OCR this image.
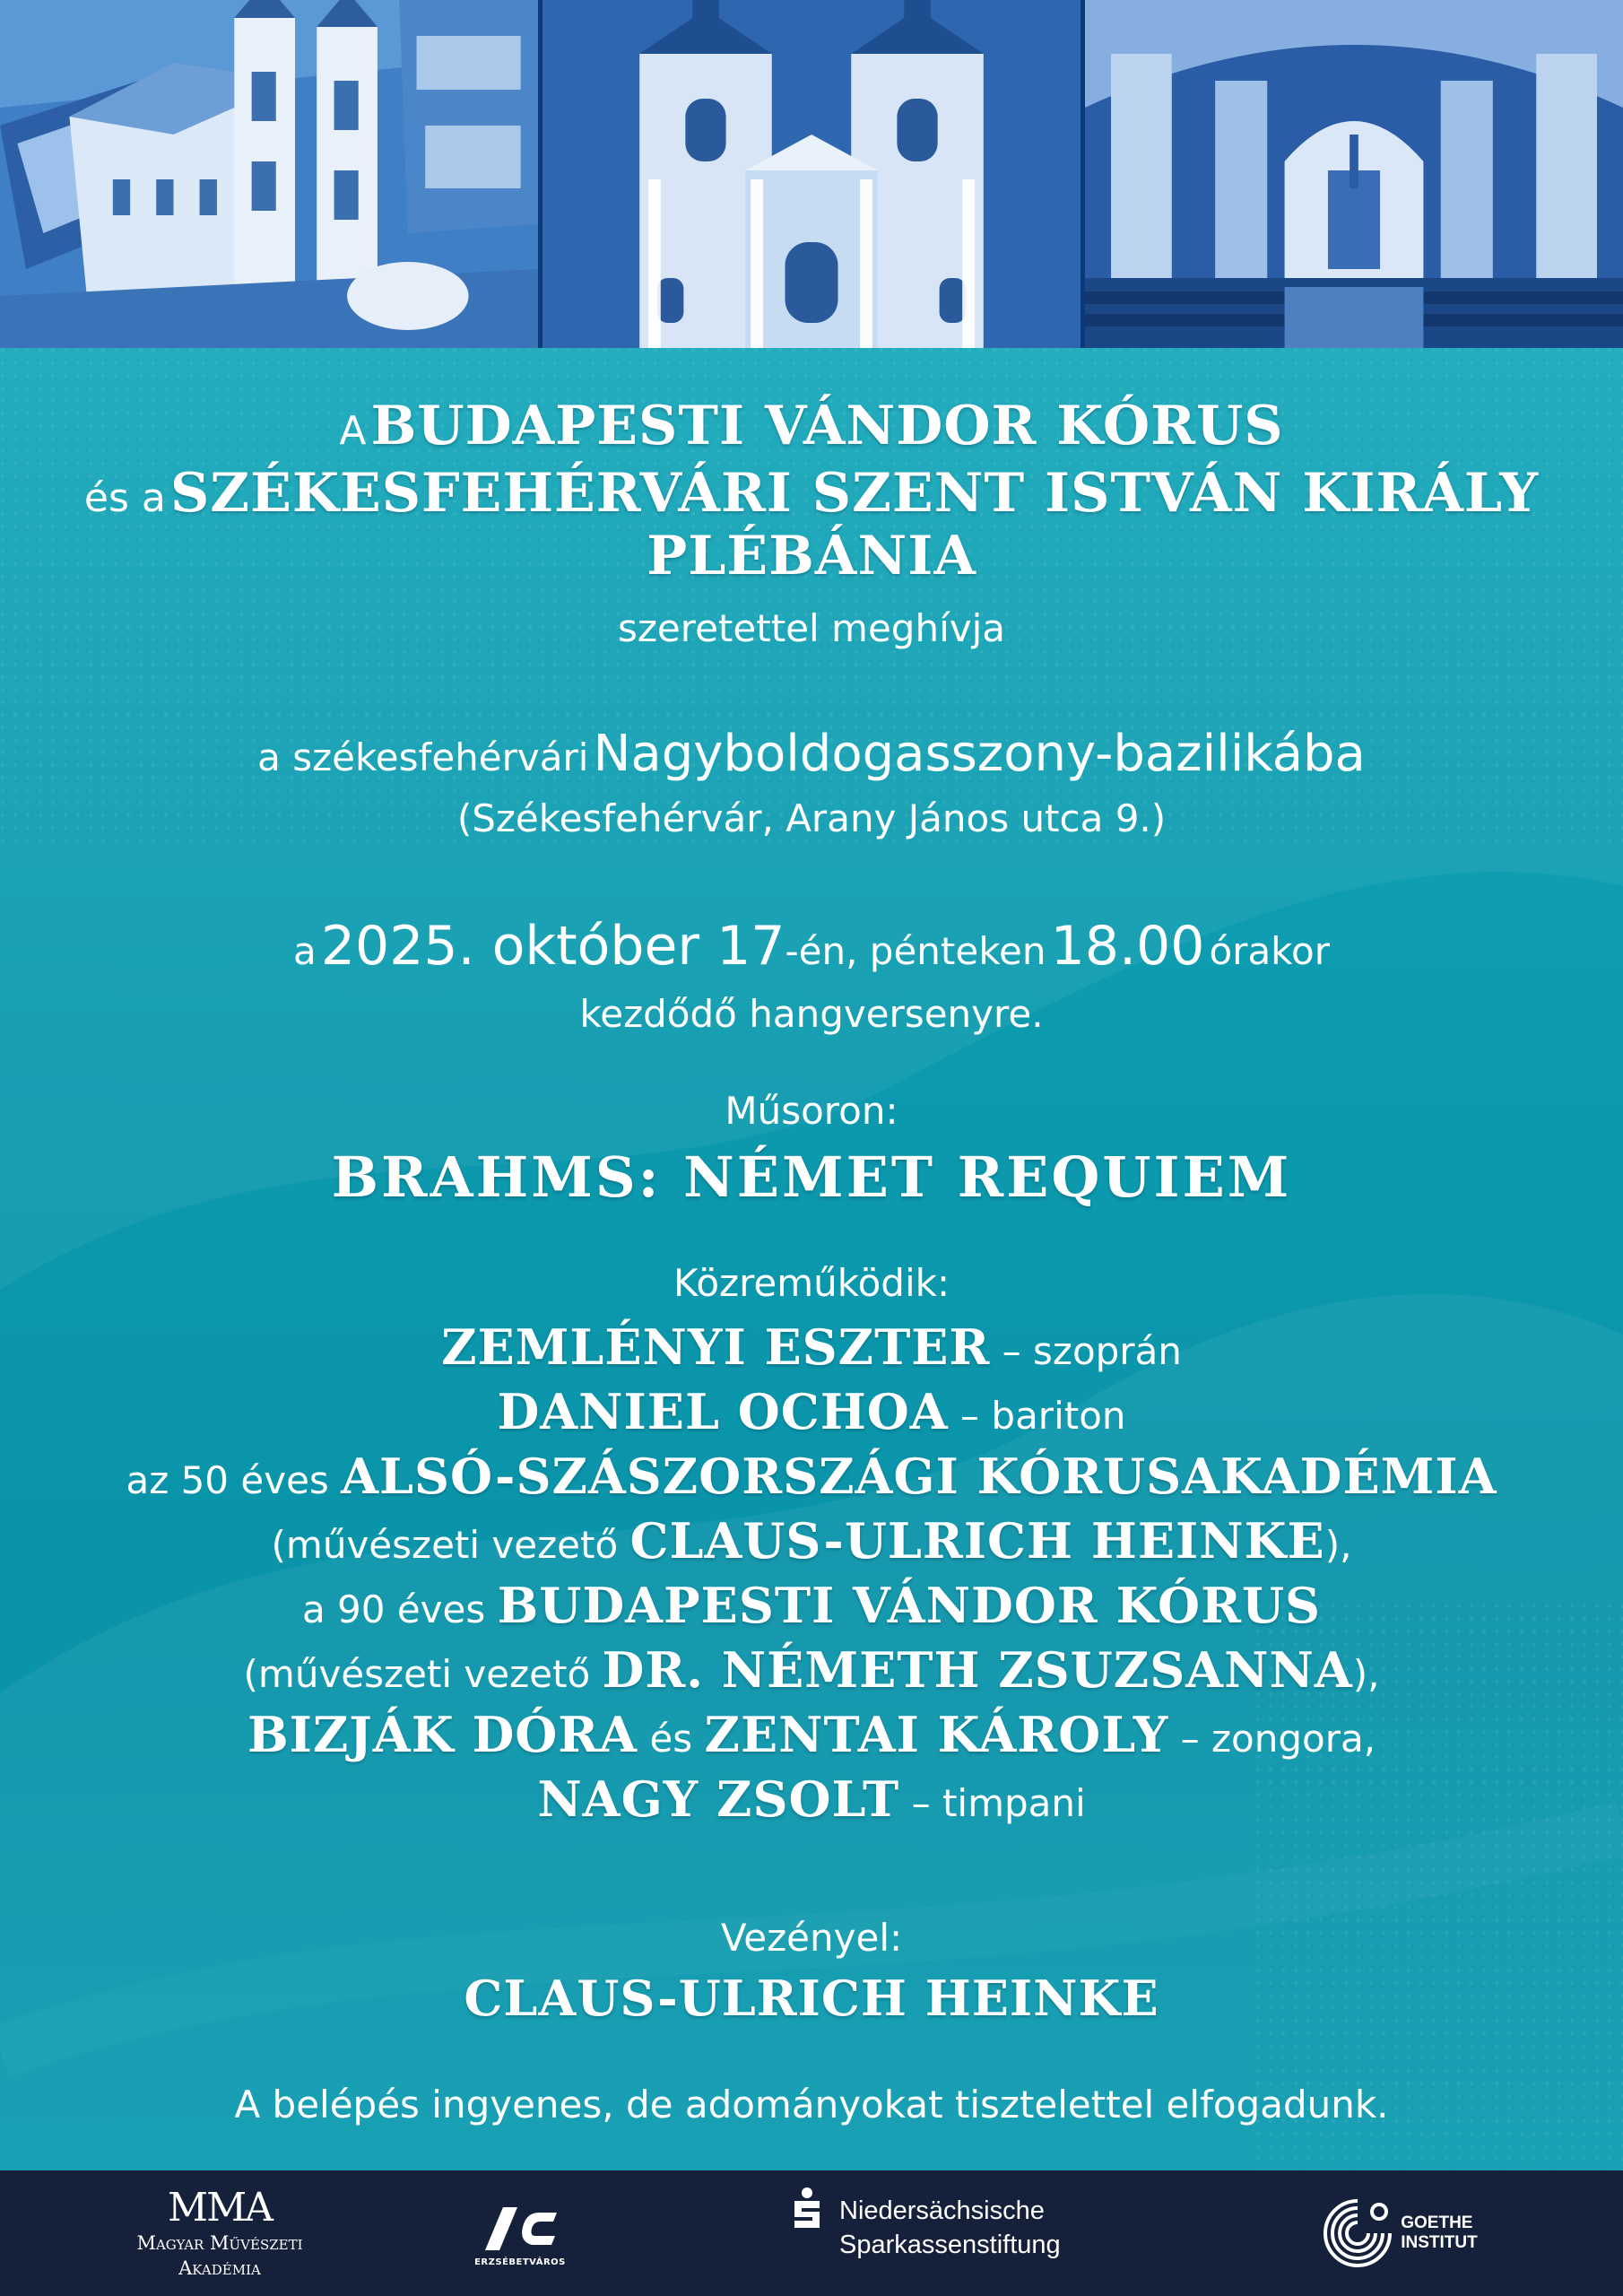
A BUDAPESTI VÁNDOR KÓRUS
és a SZÉKESFEHÉRVÁRI SZENT ISTVÁN KIRÁLY
PLÉBÁNIA
szeretettel meghívja
a székesfehérvári Nagyboldogasszony-bazilikába
(Székesfehérvár, Arany János utca 9.)
a 2025. október 17-én, pénteken 18.00 órakor
kezdődő hangversenyre.
Műsoron:
BRAHMS: NÉMET REQUIEM
Közreműködik:
ZEMLÉNYI ESZTER – szoprán
DANIEL OCHOA – bariton
az 50 éves ALSÓ-SZÁSZORSZÁGI KÓRUSAKADÉMIA
(művészeti vezető CLAUS-ULRICH HEINKE),
a 90 éves BUDAPESTI VÁNDOR KÓRUS
(művészeti vezető DR. NÉMETH ZSUZSANNA),
BIZJÁK DÓRA és ZENTAI KÁROLY – zongora,
NAGY ZSOLT – timpani
Vezényel:
CLAUS-ULRICH HEINKE
A belépés ingyenes, de adományokat tisztelettel elfogadunk.
MMA
Magyar Művészeti
Akadémia	ERZSÉBETVÁROS
Niedersächsische
Sparkassenstiftung
GOETHE
INSTITUT
